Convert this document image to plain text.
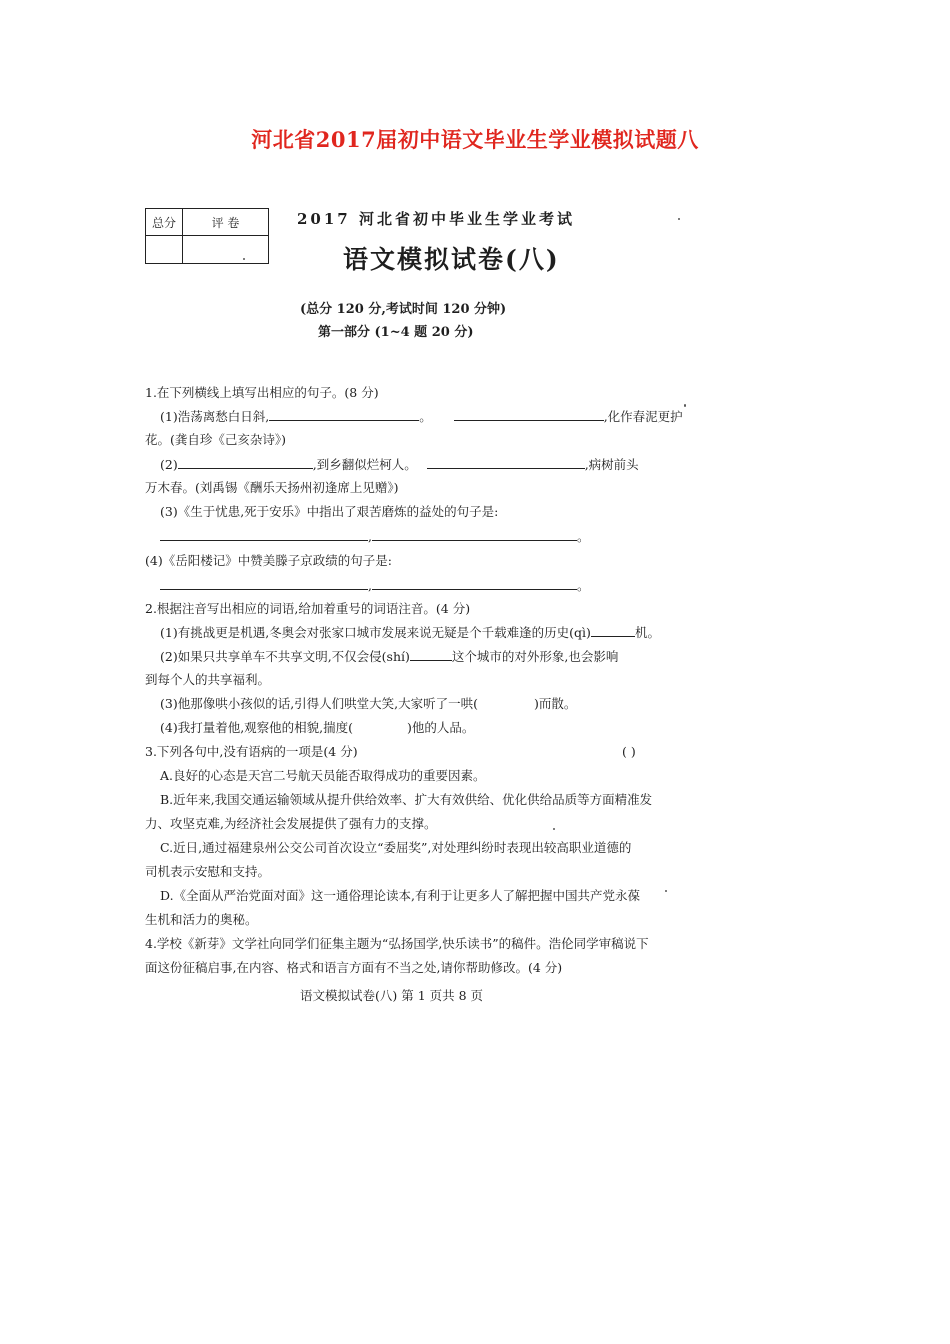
河北省2017届初中语文毕业生学业模拟试题八
总分	评 卷
		2017 河北省初中毕业生学业考试
语文模拟试卷(八)
(总分 120 分,考试时间 120 分钟)
第一部分 (1~4 题 20 分)
1.在下列横线上填写出相应的句子。(8 分)
(1)浩荡离愁白日斜,	。	,化作春泥更护
花。(龚自珍《己亥杂诗》)
(2)	,到乡翻似烂柯人。	,病树前头
万木春。(刘禹锡《酬乐天扬州初逢席上见赠》)
(3)《生于忧患,死于安乐》中指出了艰苦磨炼的益处的句子是:
,	。
(4)《岳阳楼记》中赞美滕子京政绩的句子是:
,	。
2.根据注音写出相应的词语,给加着重号的词语注音。(4 分)
(1)有挑战更是机遇,冬奥会对张家口城市发展来说无疑是个千载难逢的历史(qì)	机。
(2)如果只共享单车不共享文明,不仅会侵(shí)	这个城市的对外形象,也会影响
到每个人的共享福利。
(3)他那像哄小孩似的话,引得人们哄堂大笑,大家听了一哄(	)而散。
(4)我打量着他,观察他的相貌,揣度(	)他的人品。
3.下列各句中,没有语病的一项是(4 分)	( )
A.良好的心态是天宫二号航天员能否取得成功的重要因素。
B.近年来,我国交通运输领域从提升供给效率、扩大有效供给、优化供给品质等方面精准发
力、攻坚克难,为经济社会发展提供了强有力的支撑。
C.近日,通过福建泉州公交公司首次设立“委屈奖”,对处理纠纷时表现出较高职业道德的
司机表示安慰和支持。
D.《全面从严治党面对面》这一通俗理论读本,有利于让更多人了解把握中国共产党永葆
生机和活力的奥秘。
4.学校《新芽》文学社向同学们征集主题为“弘扬国学,快乐读书”的稿件。浩伦同学审稿说下
面这份征稿启事,在内容、格式和语言方面有不当之处,请你帮助修改。(4 分)
语文模拟试卷(八) 第 1 页共 8 页
